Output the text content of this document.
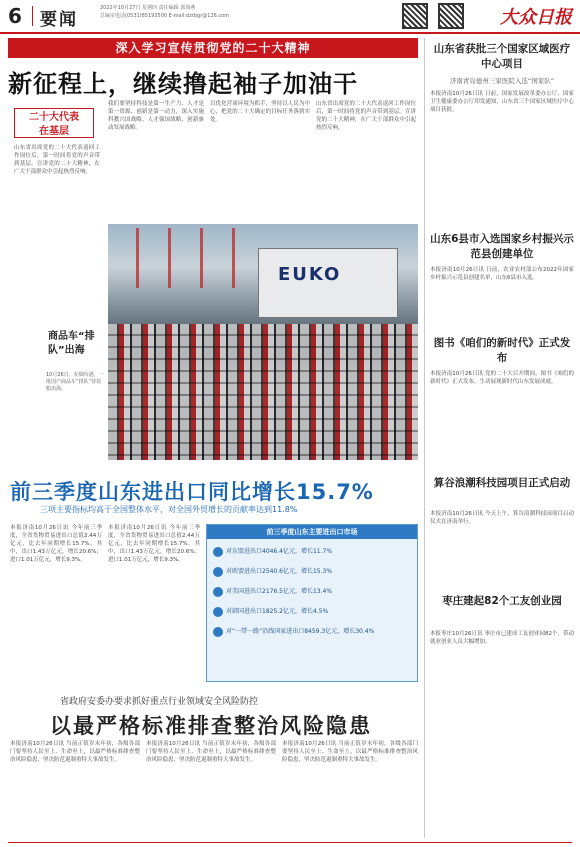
6 要闻
2022年10月27日 星期四 责任编辑 郭海燕
总编室电话(0531)85193500 E-mail:dzrbgr@126.com	大众日报
深入学习宣传贯彻党的二十大精神
新征程上，继续撸起袖子加油干
二十大代表
在基层
山东省出席党的二十大代表返回工作岗位后，第一时间将党的声音带到基层。宣讲党的二十大精神，在广大干部群众中引起热烈反响。
我们要坚持科技是第一生产力、人才是第一资源、创新是第一动力，深入实施科教兴国战略、人才强国战略、创新驱动发展战略。
以优化营商环境为抓手，坚持以人民为中心，把党的二十大确定的目标任务落到实处。
山东省出席党的二十大代表返回工作岗位后，第一时间将党的声音带到基层。宣讲党的二十大精神，在广大干部群众中引起热烈反响。
EUKO
商品车“排队”出海
10月26日，在烟台港，一批国产商品车“排队”待装船出海。
前三季度山东进出口同比增长15.7%
三项主要指标均高于全国整体水平，对全国外贸增长的贡献率达到11.8%
本报济南10月26日讯 今年前三季度，全省货物贸易进出口总值2.44万亿元，比去年同期增长15.7%。其中，出口1.43万亿元，增长20.6%；进口1.01万亿元，增长9.3%。
本报济南10月26日讯 今年前三季度，全省货物贸易进出口总值2.44万亿元，比去年同期增长15.7%。其中，出口1.43万亿元，增长20.6%；进口1.01万亿元，增长9.3%。
前三季度山东主要进出口市场
对东盟进出口4046.4亿元，增长11.7%
对欧盟进出口2540.6亿元，增长15.3%
对美国进出口2176.5亿元，增长13.4%
对韩国进出口1825.2亿元，增长4.5%
对“一带一路”沿线国家进出口8459.3亿元，增长30.4%
省政府安委办要求抓好重点行业领域安全风险防控
以最严格标准排查整治风险隐患
本报济南10月26日讯 当前正值岁末年初，各级各部门要坚持人民至上、生命至上，以最严格标准排查整治风险隐患，坚决防范遏制重特大事故发生。
本报济南10月26日讯 当前正值岁末年初，各级各部门要坚持人民至上、生命至上，以最严格标准排查整治风险隐患，坚决防范遏制重特大事故发生。
本报济南10月26日讯 当前正值岁末年初，各级各部门要坚持人民至上、生命至上，以最严格标准排查整治风险隐患，坚决防范遏制重特大事故发生。
山东省获批三个国家区域医疗中心项目
济南青岛德州三家医院入选“国家队”
本报济南10月26日讯 日前，国家发展改革委办公厅、国家卫生健康委办公厅印发通知，山东省三个国家区域医疗中心项目获批。
山东6县市入选国家乡村振兴示范县创建单位
本报济南10月26日讯 日前，农业农村部公布2022年国家乡村振兴示范县创建名单，山东6县市入选。
图书《咱们的新时代》正式发布
本报济南10月26日讯 党的二十大召开期间，图书《咱们的新时代》正式发布，生动展现新时代山东发展成就。
算谷浪潮科技园项目正式启动
本报济南10月26日讯 今天上午，算谷浪潮科技园项目启动仪式在济南举行。
枣庄建起82个工友创业园
本报枣庄10月26日讯 枣庄市已建成工友创业园82个，带动就业创业人员大幅增加。
